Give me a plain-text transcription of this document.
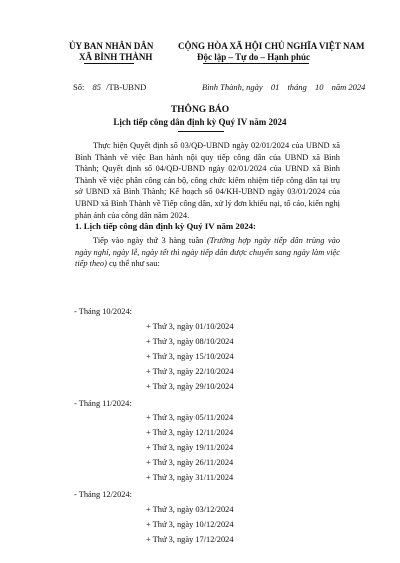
ỦY BAN NHÂN DÂN
XÃ BÌNH THÀNH
CỘNG HÒA XÃ HỘI CHỦ NGHĨA VIỆT NAM
Độc lập – Tự do – Hạnh phúc
Số: 85 /TB-UBND	Bình Thành, ngày 01 tháng 10 năm 2024
THÔNG BÁO
Lịch tiếp công dân định kỳ Quý IV năm 2024
Thực hiện Quyết định số 03/QĐ-UBND ngày 02/01/2024 của UBND xã Bình Thành về việc Ban hành nội quy tiếp công dân của UBND xã Bình Thành; Quyết định số 04/QĐ-UBND ngày 02/01/2024 của UBND xã Bình Thành về việc phân công cán bộ, công chức kiêm nhiệm tiếp công dân tại trụ sở UBND xã Bình Thành; Kế hoạch số 04/KH-UBND ngày 03/01/2024 của UBND xã Bình Thành về Tiếp công dân, xử lý đơn khiếu nại, tố cáo, kiến nghị phản ánh của công dân năm 2024.
1. Lịch tiếp công dân định kỳ Quý IV năm 2024:
Tiếp vào ngày thứ 3 hàng tuần (Trường hợp ngày tiếp dân trùng vào ngày nghỉ, ngày lễ, ngày tết thì ngày tiếp dân được chuyển sang ngày làm việc tiếp theo) cụ thể như sau:
- Tháng 10/2024:
+ Thứ 3, ngày 01/10/2024
+ Thứ 3, ngày 08/10/2024
+ Thứ 3, ngày 15/10/2024
+ Thứ 3, ngày 22/10/2024
+ Thứ 3, ngày 29/10/2024
- Tháng 11/2024:
+ Thứ 3, ngày 05/11/2024
+ Thứ 3, ngày 12/11/2024
+ Thứ 3, ngày 19/11/2024
+ Thứ 3, ngày 26/11/2024
+ Thứ 3, ngày 31/11/2024
- Tháng 12/2024:
+ Thứ 3, ngày 03/12/2024
+ Thứ 3, ngày 10/12/2024
+ Thứ 3, ngày 17/12/2024
